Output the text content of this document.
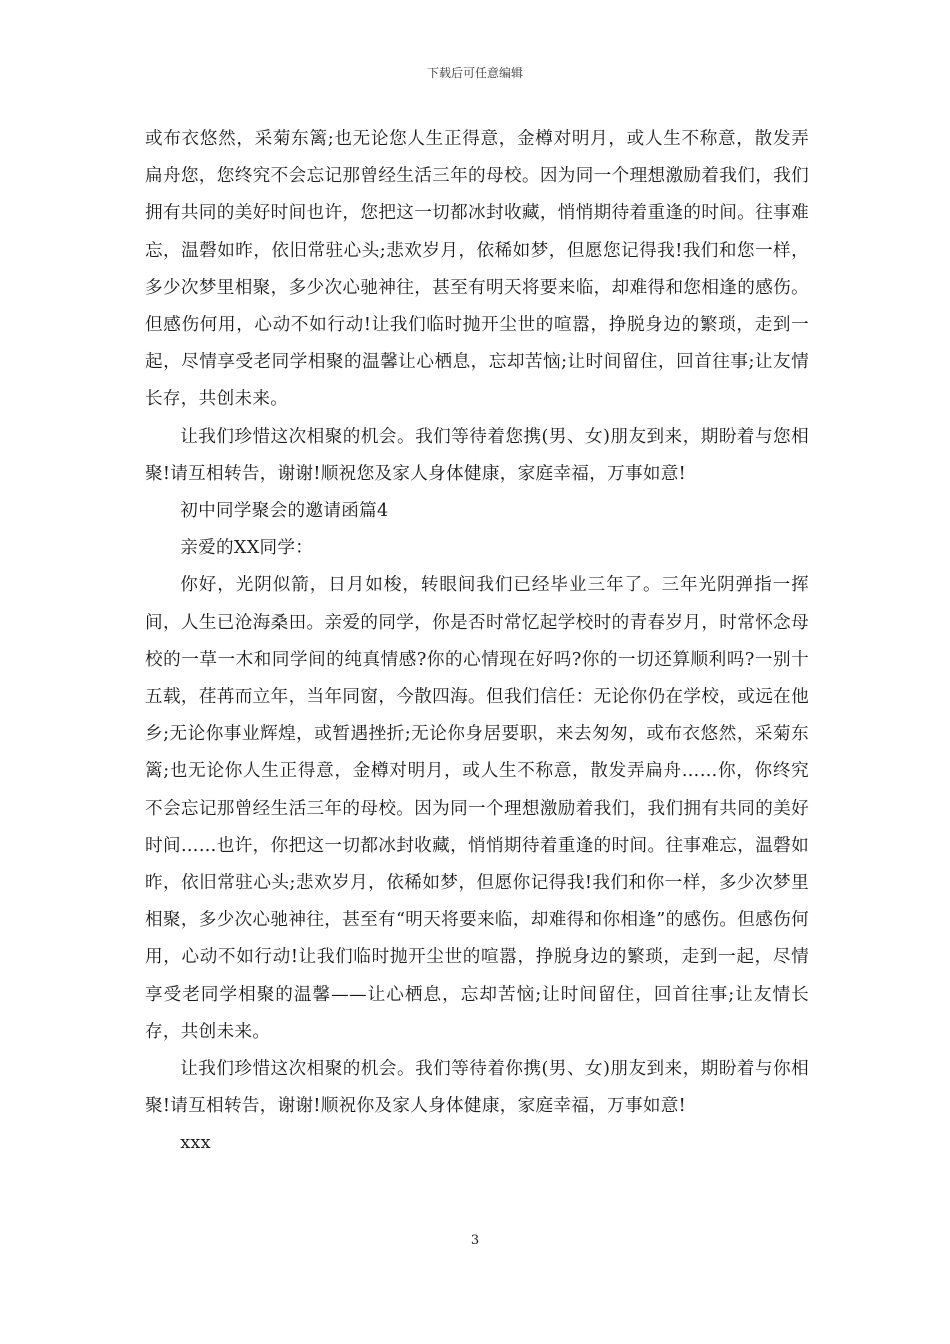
下载后可任意编辑

或布衣悠然，采菊东篱;也无论您人生正得意，金樽对明月，或人生不称意，散发弄扁舟您，您终究不会忘记那曾经生活三年的母校。因为同一个理想激励着我们，我们拥有共同的美好时间也许，您把这一切都冰封收藏，悄悄期待着重逢的时间。往事难忘，温磬如昨，依旧常驻心头;悲欢岁月，依稀如梦，但愿您记得我!我们和您一样，多少次梦里相聚，多少次心驰神往，甚至有明天将要来临，却难得和您相逢的感伤。但感伤何用，心动不如行动!让我们临时抛开尘世的喧嚣，挣脱身边的繁琐，走到一起，尽情享受老同学相聚的温馨让心栖息，忘却苦恼;让时间留住，回首往事;让友情长存，共创未来。

让我们珍惜这次相聚的机会。我们等待着您携(男、女)朋友到来，期盼着与您相聚!请互相转告，谢谢!顺祝您及家人身体健康，家庭幸福，万事如意!

初中同学聚会的邀请函篇4

亲爱的XX同学：

你好，光阴似箭，日月如梭，转眼间我们已经毕业三年了。三年光阴弹指一挥间，人生已沧海桑田。亲爱的同学，你是否时常忆起学校时的青春岁月，时常怀念母校的一草一木和同学间的纯真情感?你的心情现在好吗?你的一切还算顺利吗?一别十五载，荏苒而立年，当年同窗，今散四海。但我们信任：无论你仍在学校，或远在他乡;无论你事业辉煌，或暂遇挫折;无论你身居要职，来去匆匆，或布衣悠然，采菊东篱;也无论你人生正得意，金樽对明月，或人生不称意，散发弄扁舟……你，你终究不会忘记那曾经生活三年的母校。因为同一个理想激励着我们，我们拥有共同的美好时间……也许，你把这一切都冰封收藏，悄悄期待着重逢的时间。往事难忘，温磬如昨，依旧常驻心头;悲欢岁月，依稀如梦，但愿你记得我!我们和你一样，多少次梦里相聚，多少次心驰神往，甚至有“明天将要来临，却难得和你相逢”的感伤。但感伤何用，心动不如行动!让我们临时抛开尘世的喧嚣，挣脱身边的繁琐，走到一起，尽情享受老同学相聚的温馨——让心栖息，忘却苦恼;让时间留住，回首往事;让友情长存，共创未来。

让我们珍惜这次相聚的机会。我们等待着你携(男、女)朋友到来，期盼着与你相聚!请互相转告，谢谢!顺祝你及家人身体健康，家庭幸福，万事如意!

xxx

3
